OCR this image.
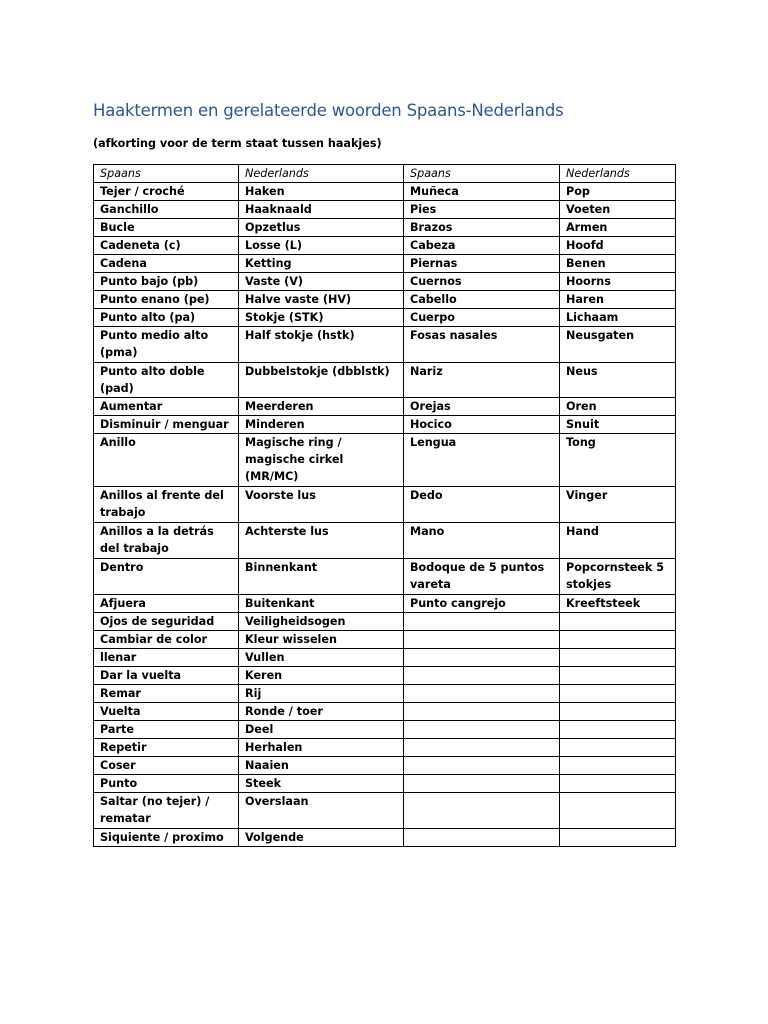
Haaktermen en gerelateerde woorden Spaans-Nederlands

(afkorting voor de term staat tussen haakjes)

Spaans	Nederlands	Spaans	Nederlands
Tejer / croché	Haken	Muñeca	Pop
Ganchillo	Haaknaald	Pies	Voeten
Bucle	Opzetlus	Brazos	Armen
Cadeneta (c)	Losse (L)	Cabeza	Hoofd
Cadena	Ketting	Piernas	Benen
Punto bajo (pb)	Vaste (V)	Cuernos	Hoorns
Punto enano (pe)	Halve vaste (HV)	Cabello	Haren
Punto alto (pa)	Stokje (STK)	Cuerpo	Lichaam
Punto medio alto (pma)	Half stokje (hstk)	Fosas nasales	Neusgaten
Punto alto doble (pad)	Dubbelstokje (dbblstk)	Nariz	Neus
Aumentar	Meerderen	Orejas	Oren
Disminuir / menguar	Minderen	Hocico	Snuit
Anillo	Magische ring / magische cirkel (MR/MC)	Lengua	Tong
Anillos al frente del trabajo	Voorste lus	Dedo	Vinger
Anillos a la detrás del trabajo	Achterste lus	Mano	Hand
Dentro	Binnenkant	Bodoque de 5 puntos vareta	Popcornsteek 5 stokjes
Afjuera	Buitenkant	Punto cangrejo	Kreeftsteek
Ojos de seguridad	Veiligheidsogen		
Cambiar de color	Kleur wisselen		
llenar	Vullen		
Dar la vuelta	Keren		
Remar	Rij		
Vuelta	Ronde / toer		
Parte	Deel		
Repetir	Herhalen		
Coser	Naaien		
Punto	Steek		
Saltar (no tejer) / rematar	Overslaan		
Siquiente / proximo	Volgende		
